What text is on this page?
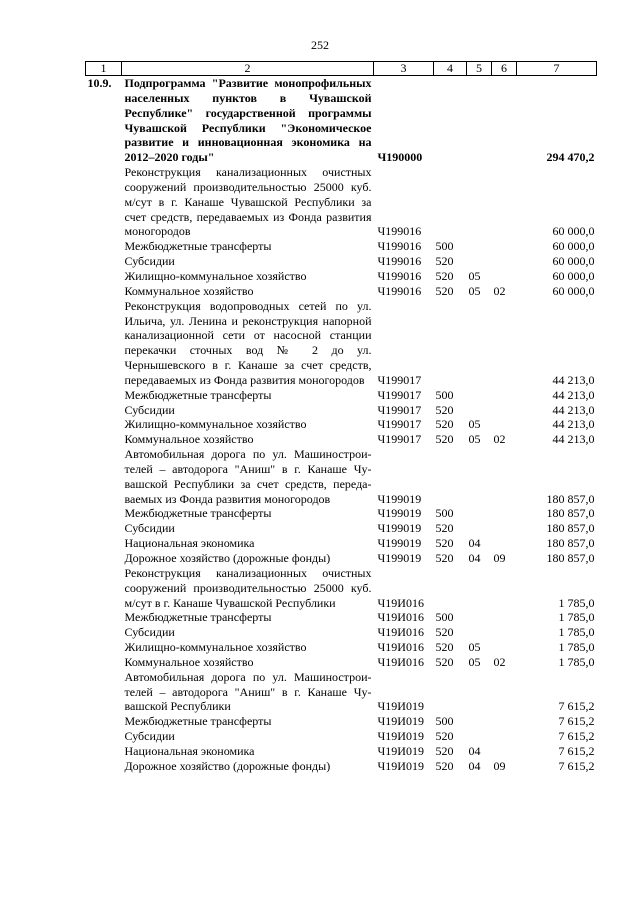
252
1	2	3	4	5	6	7
10.9.	Подпрограмма "Развитие монопрофильных населенных пунктов в Чувашской Республике" государственной программы Чувашской Республики "Экономическое развитие и инновационная экономика на 2012–2020 годы"	Ч190000				294 470,2
	Реконструкция канализационных очистных сооружений производительностью 25000 куб. м/сут в г. Канаше Чувашской Республики за счет средств, передаваемых из Фонда развития моногородов	Ч199016				60 000,0
	Межбюджетные трансферты	Ч199016	500			60 000,0
	Субсидии	Ч199016	520			60 000,0
	Жилищно-коммунальное хозяйство	Ч199016	520	05		60 000,0
	Коммунальное хозяйство	Ч199016	520	05	02	60 000,0
	Реконструкция водопроводных сетей по ул. Ильича, ул. Ленина и реконструкция напорной канализационной сети от насосной станции перекачки сточных вод № 2 до ул. Чернышевского в г. Канаше за счет средств, передаваемых из Фонда развития моногородов	Ч199017				44 213,0
	Межбюджетные трансферты	Ч199017	500			44 213,0
	Субсидии	Ч199017	520			44 213,0
	Жилищно-коммунальное хозяйство	Ч199017	520	05		44 213,0
	Коммунальное хозяйство	Ч199017	520	05	02	44 213,0
	Автомобильная дорога по ул. Машиностроителей – автодорога "Аниш" в г. Канаше Чувашской Республики за счет средств, передаваемых из Фонда развития моногородов	Ч199019				180 857,0
	Межбюджетные трансферты	Ч199019	500			180 857,0
	Субсидии	Ч199019	520			180 857,0
	Национальная экономика	Ч199019	520	04		180 857,0
	Дорожное хозяйство (дорожные фонды)	Ч199019	520	04	09	180 857,0
	Реконструкция канализационных очистных сооружений производительностью 25000 куб. м/сут в г. Канаше Чувашской Республики	Ч19И016				1 785,0
	Межбюджетные трансферты	Ч19И016	500			1 785,0
	Субсидии	Ч19И016	520			1 785,0
	Жилищно-коммунальное хозяйство	Ч19И016	520	05		1 785,0
	Коммунальное хозяйство	Ч19И016	520	05	02	1 785,0
	Автомобильная дорога по ул. Машиностроителей – автодорога "Аниш" в г. Канаше Чувашской Республики	Ч19И019				7 615,2
	Межбюджетные трансферты	Ч19И019	500			7 615,2
	Субсидии	Ч19И019	520			7 615,2
	Национальная экономика	Ч19И019	520	04		7 615,2
	Дорожное хозяйство (дорожные фонды)	Ч19И019	520	04	09	7 615,2
